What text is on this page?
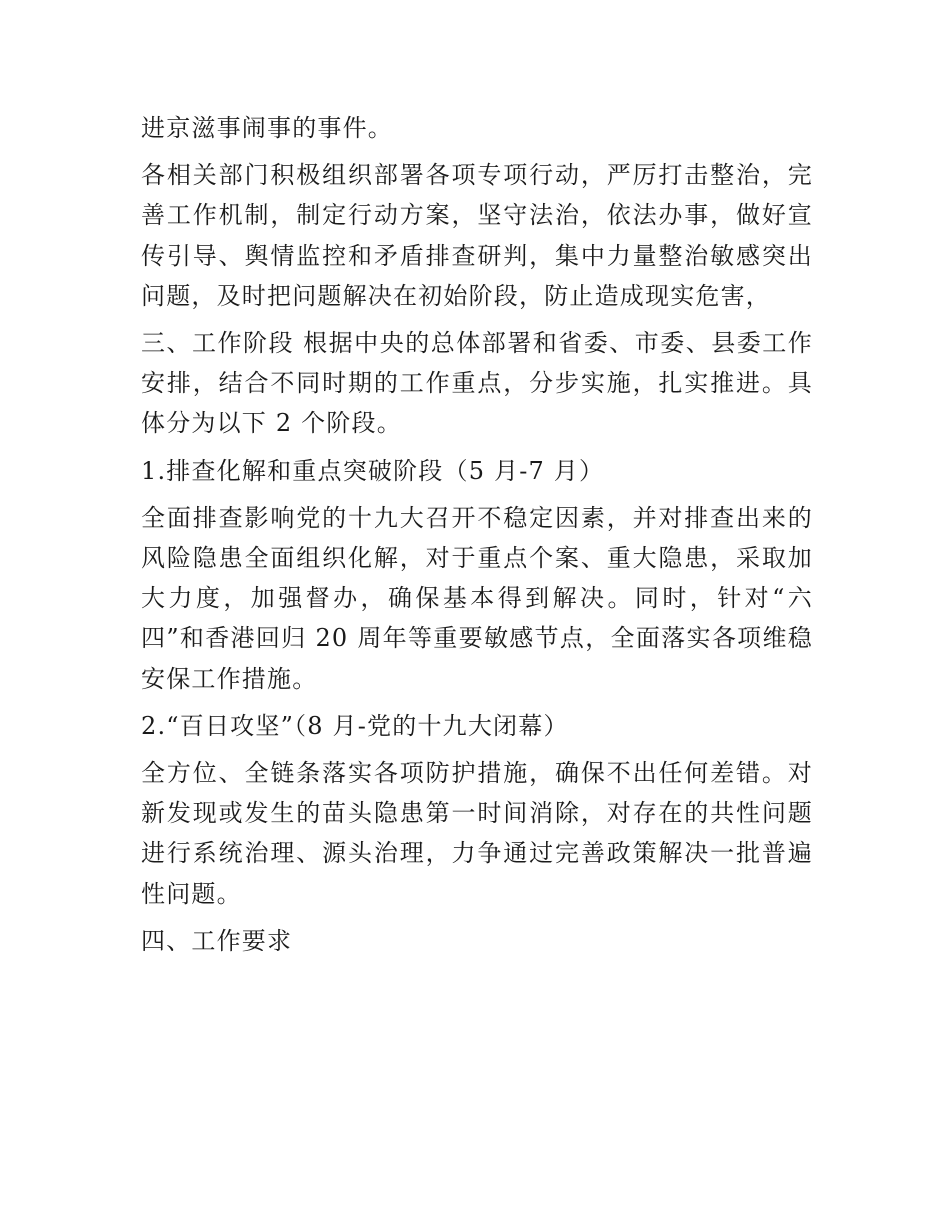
进京滋事闹事的事件。

各相关部门积极组织部署各项专项行动，严厉打击整治，完善工作机制，制定行动方案，坚守法治，依法办事，做好宣传引导、舆情监控和矛盾排查研判，集中力量整治敏感突出问题，及时把问题解决在初始阶段，防止造成现实危害，

三、工作阶段 根据中央的总体部署和省委、市委、县委工作安排，结合不同时期的工作重点，分步实施，扎实推进。具体分为以下 2 个阶段。

1.排查化解和重点突破阶段（5 月-7 月）

全面排查影响党的十九大召开不稳定因素，并对排查出来的风险隐患全面组织化解，对于重点个案、重大隐患，采取加大力度，加强督办，确保基本得到解决。同时，针对“六四”和香港回归 20 周年等重要敏感节点，全面落实各项维稳安保工作措施。

2.“百日攻坚”（8 月-党的十九大闭幕）

全方位、全链条落实各项防护措施，确保不出任何差错。对新发现或发生的苗头隐患第一时间消除，对存在的共性问题进行系统治理、源头治理，力争通过完善政策解决一批普遍性问题。

四、工作要求
